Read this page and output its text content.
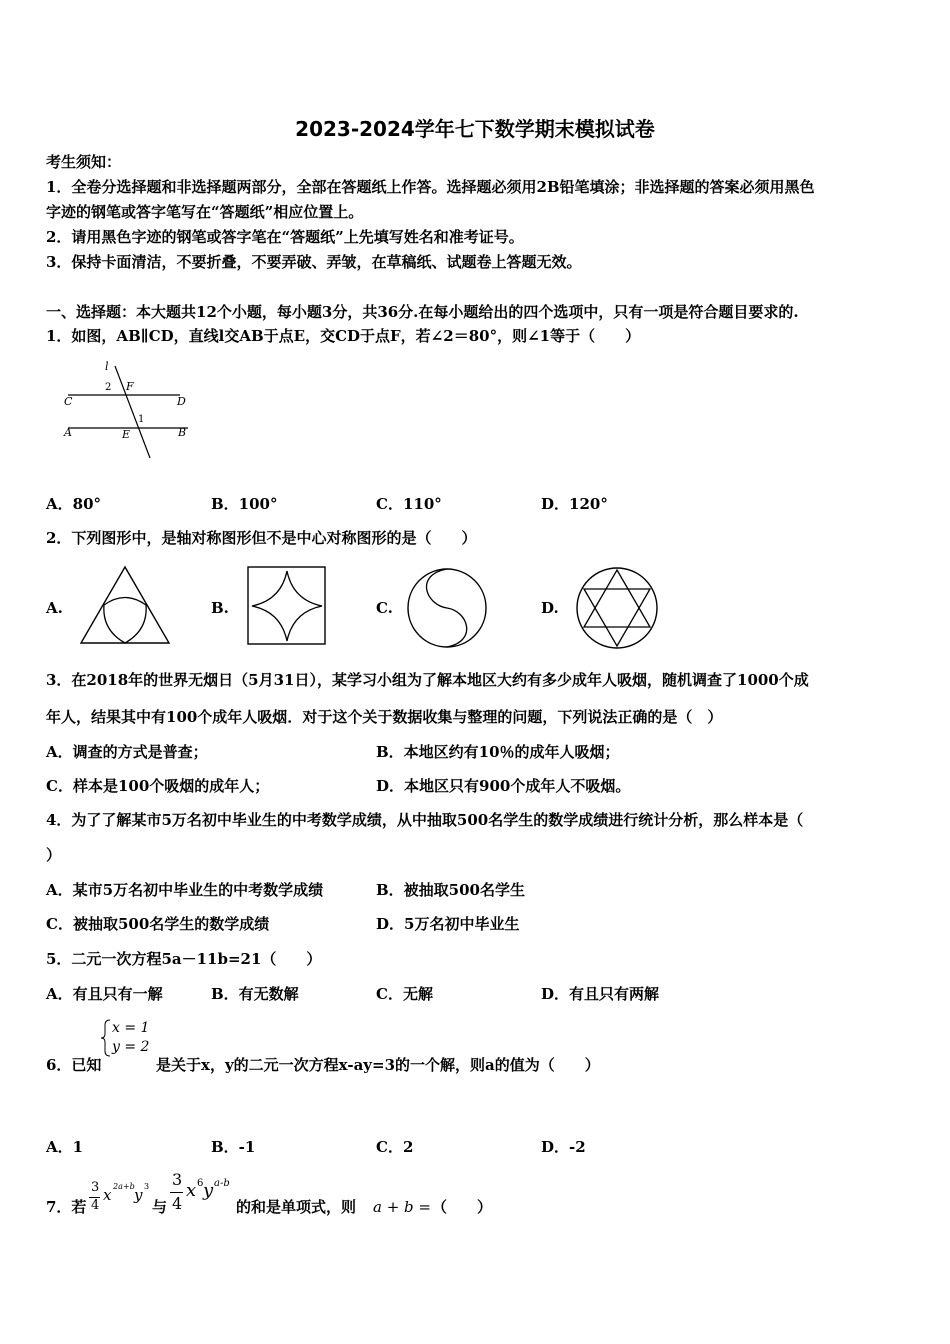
2023-2024学年七下数学期末模拟试卷
考生须知：
1．全卷分选择题和非选择题两部分，全部在答题纸上作答。选择题必须用2B铅笔填涂；非选择题的答案必须用黑色
字迹的钢笔或答字笔写在“答题纸”相应位置上。
2．请用黑色字迹的钢笔或答字笔在“答题纸”上先填写姓名和准考证号。
3．保持卡面清洁，不要折叠，不要弄破、弄皱，在草稿纸、试题卷上答题无效。
一、选择题：本大题共12个小题，每小题3分，共36分.在每小题给出的四个选项中，只有一项是符合题目要求的.
1．如图，AB∥CD，直线l交AB于点E，交CD于点F，若∠2＝80°，则∠1等于（　　）
l
2 F
C	D
1
A	E	B
A．80°	B．100°	C．110°	D．120°
2．下列图形中，是轴对称图形但不是中心对称图形的是（　　）
A.	B.	C.	D.
3．在2018年的世界无烟日（5月31日），某学习小组为了解本地区大约有多少成年人吸烟，随机调查了1000个成
年人，结果其中有100个成年人吸烟．对于这个关于数据收集与整理的问题，下列说法正确的是（　）
A．调查的方式是普查；	B．本地区约有10％的成年人吸烟；
C．样本是100个吸烟的成年人；	D．本地区只有900个成年人不吸烟。
4．为了了解某市5万名初中毕业生的中考数学成绩，从中抽取500名学生的数学成绩进行统计分析，那么样本是（
）
A．某市5万名初中毕业生的中考数学成绩	B．被抽取500名学生
C．被抽取500名学生的数学成绩	D．5万名初中毕业生
5．二元一次方程5a－11b=21（　　）
A．有且只有一解	B．有无数解	C．无解	D．有且只有两解
x = 1
y = 2
6．已知	是关于x，y的二元一次方程x-ay=3的一个解，则a的值为（　　）
A．1	B．-1	C．2	D．-2
7．若
3
4
x 2a+b y 3
与
3
4
x 6 y a-b
的和是单项式，则 a + b = （　　）
